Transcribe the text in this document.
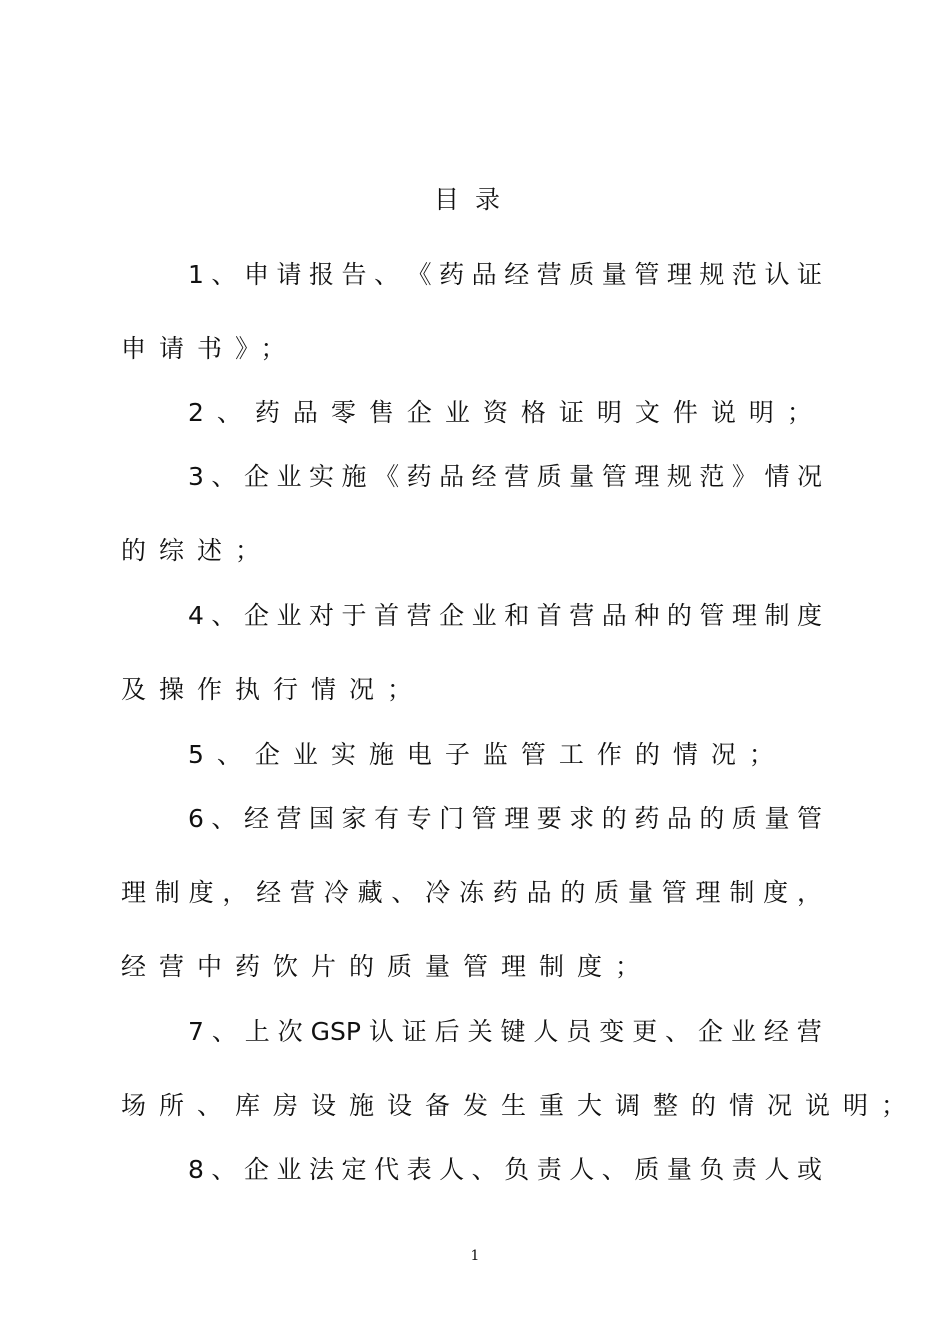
目录
1 、 申 请 报 告 、 《 药 品 经 营 质 量 管 理 规 范 认 证
申请书》；
2、药品零售企业资格证明文件说明；
3 、 企 业 实 施 《 药 品 经 营 质 量 管 理 规 范 》 情 况
的综述；
4 、 企 业 对 于 首 营 企 业 和 首 营 品 种 的 管 理 制 度
及操作执行情况；
5、企业实施电子监管工作的情况；
6 、 经 营 国 家 有 专 门 管 理 要 求 的 药 品 的 质 量 管
理 制 度 ， 经 营 冷 藏 、 冷 冻 药 品 的 质 量 管 理 制 度 ，
经营中药饮片的质量管理制度；
7 、 上 次 GSP 认 证 后 关 键 人 员 变 更 、 企 业 经 营
场所、库房设施设备发生重大调整的情况说明；
8 、 企 业 法 定 代 表 人 、 负 责 人 、 质 量 负 责 人 或
1
